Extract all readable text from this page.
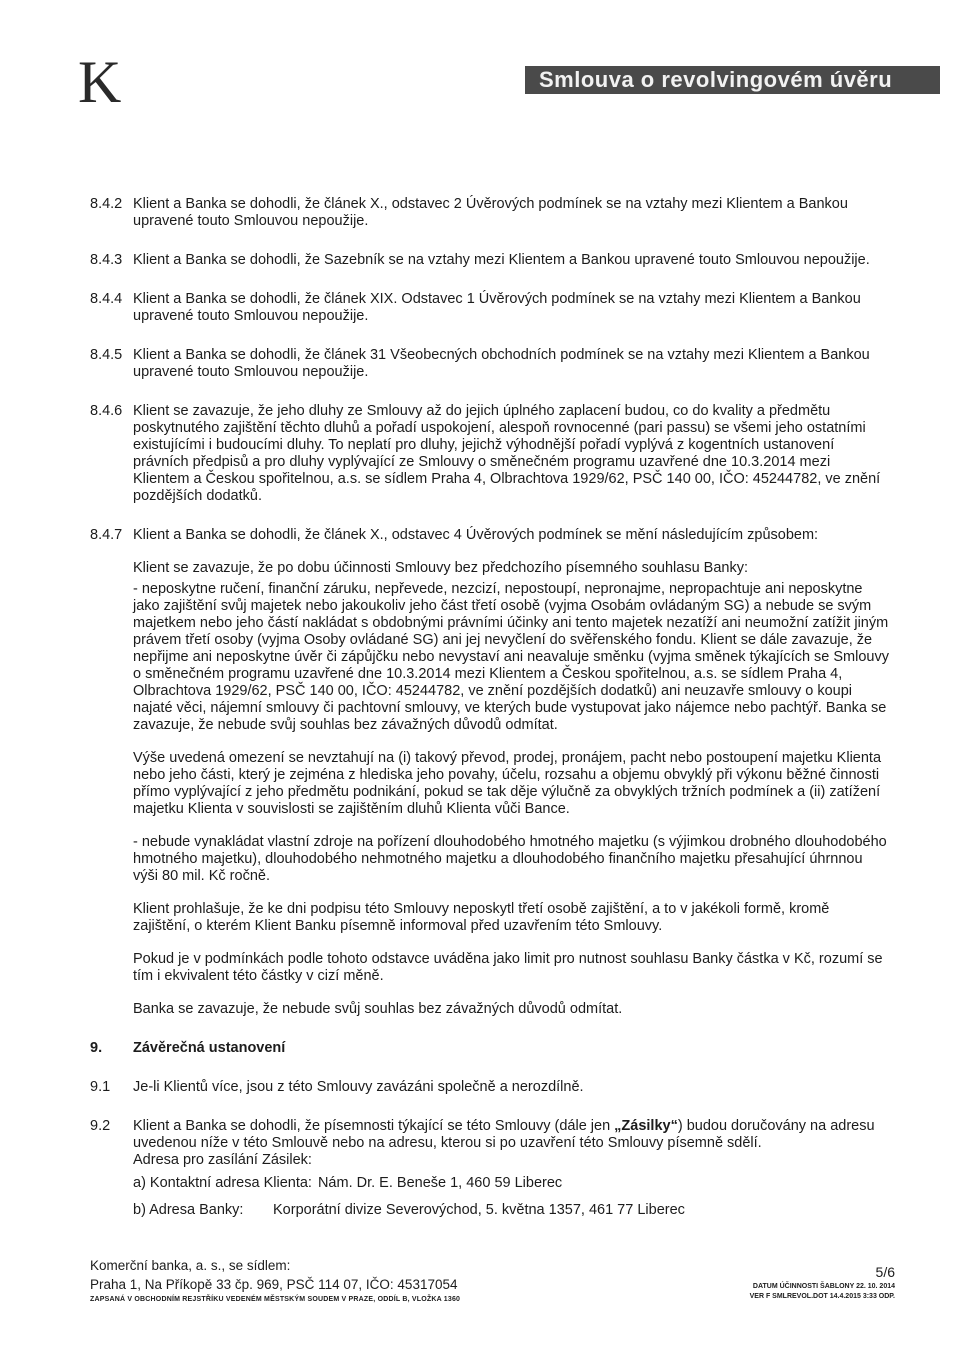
K	Smlouva o revolvingovém úvěru
8.4.2 Klient a Banka se dohodli, že článek X., odstavec 2 Úvěrových podmínek se na vztahy mezi Klientem a Bankou upravené touto Smlouvou nepoužije.

8.4.3 Klient a Banka se dohodli, že Sazebník se na vztahy mezi Klientem a Bankou upravené touto Smlouvou nepoužije.

8.4.4 Klient a Banka se dohodli, že článek XIX. Odstavec 1 Úvěrových podmínek se na vztahy mezi Klientem a Bankou upravené touto Smlouvou nepoužije.

8.4.5 Klient a Banka se dohodli, že článek 31 Všeobecných obchodních podmínek se na vztahy mezi Klientem a Bankou upravené touto Smlouvou nepoužije.

8.4.6 Klient se zavazuje, že jeho dluhy ze Smlouvy až do jejich úplného zaplacení budou, co do kvality a předmětu poskytnutého zajištění těchto dluhů a pořadí uspokojení, alespoň rovnocenné (pari passu) se všemi jeho ostatními existujícími i budoucími dluhy. To neplatí pro dluhy, jejichž výhodnější pořadí vyplývá z kogentních ustanovení právních předpisů a pro dluhy vyplývající ze Smlouvy o směnečném programu uzavřené dne 10.3.2014 mezi Klientem a Českou spořitelnou, a.s. se sídlem Praha 4, Olbrachtova 1929/62, PSČ 140 00, IČO: 45244782, ve znění pozdějších dodatků.

8.4.7 Klient a Banka se dohodli, že článek X., odstavec 4 Úvěrových podmínek se mění následujícím způsobem:

Klient se zavazuje, že po dobu účinnosti Smlouvy bez předchozího písemného souhlasu Banky:

- neposkytne ručení, finanční záruku, nepřevede, nezcizí, nepostoupí, nepronajme, nepropachtuje ani neposkytne jako zajištění svůj majetek nebo jakoukoliv jeho část třetí osobě (vyjma Osobám ovládaným SG) a nebude se svým majetkem nebo jeho částí nakládat s obdobnými právními účinky ani tento majetek nezatíží ani neumožní zatížit jiným právem třetí osoby (vyjma Osoby ovládané SG) ani jej nevyčlení do svěřenského fondu. Klient se dále zavazuje, že nepřijme ani neposkytne úvěr či zápůjčku nebo nevystaví ani neavaluje směnku (vyjma směnek týkajících se Smlouvy o směnečném programu uzavřené dne 10.3.2014 mezi Klientem a Českou spořitelnou, a.s. se sídlem Praha 4, Olbrachtova 1929/62, PSČ 140 00, IČO: 45244782, ve znění pozdějších dodatků) ani neuzavře smlouvy o koupi najaté věci, nájemní smlouvy či pachtovní smlouvy, ve kterých bude vystupovat jako nájemce nebo pachtýř. Banka se zavazuje, že nebude svůj souhlas bez závažných důvodů odmítat.

Výše uvedená omezení se nevztahují na (i) takový převod, prodej, pronájem, pacht nebo postoupení majetku Klienta nebo jeho části, který je zejména z hlediska jeho povahy, účelu, rozsahu a objemu obvyklý při výkonu běžné činnosti přímo vyplývající z jeho předmětu podnikání, pokud se tak děje výlučně za obvyklých tržních podmínek a (ii) zatížení majetku Klienta v souvislosti se zajištěním dluhů Klienta vůči Bance.

- nebude vynakládat vlastní zdroje na pořízení dlouhodobého hmotného majetku (s výjimkou drobného dlouhodobého hmotného majetku), dlouhodobého nehmotného majetku a dlouhodobého finančního majetku přesahující úhrnnou výši 80 mil. Kč ročně.

Klient prohlašuje, že ke dni podpisu této Smlouvy neposkytl třetí osobě zajištění, a to v jakékoli formě, kromě zajištění, o kterém Klient Banku písemně informoval před uzavřením této Smlouvy.

Pokud je v podmínkách podle tohoto odstavce uváděna jako limit pro nutnost souhlasu Banky částka v Kč, rozumí se tím i ekvivalent této částky v cizí měně.

Banka se zavazuje, že nebude svůj souhlas bez závažných důvodů odmítat.

9.	Závěrečná ustanovení
9.1	Je-li Klientů více, jsou z této Smlouvy zavázáni společně a nerozdílně.

9.2	Klient a Banka se dohodli, že písemnosti týkající se této Smlouvy (dále jen „Zásilky“) budou doručovány na adresu uvedenou níže v této Smlouvě nebo na adresu, kterou si po uzavření této Smlouvy písemně sdělí.

Adresa pro zasílání Zásilek:

a) Kontaktní adresa Klienta: Nám. Dr. E. Beneše 1, 460 59 Liberec
b) Adresa Banky:	Korporátní divize Severovýchod, 5. května 1357, 461 77 Liberec
Komerční banka, a. s., se sídlem:
Praha 1, Na Příkopě 33 čp. 969, PSČ 114 07, IČO: 45317054
ZAPSANÁ V OBCHODNÍM REJSTŘÍKU VEDENÉM MĚSTSKÝM SOUDEM V PRAZE, ODDÍL B, VLOŽKA 1360
5/6
DATUM ÚČINNOSTI ŠABLONY 22. 10. 2014
VER F SMLREVOL.DOT 14.4.2015 3:33 ODP.
